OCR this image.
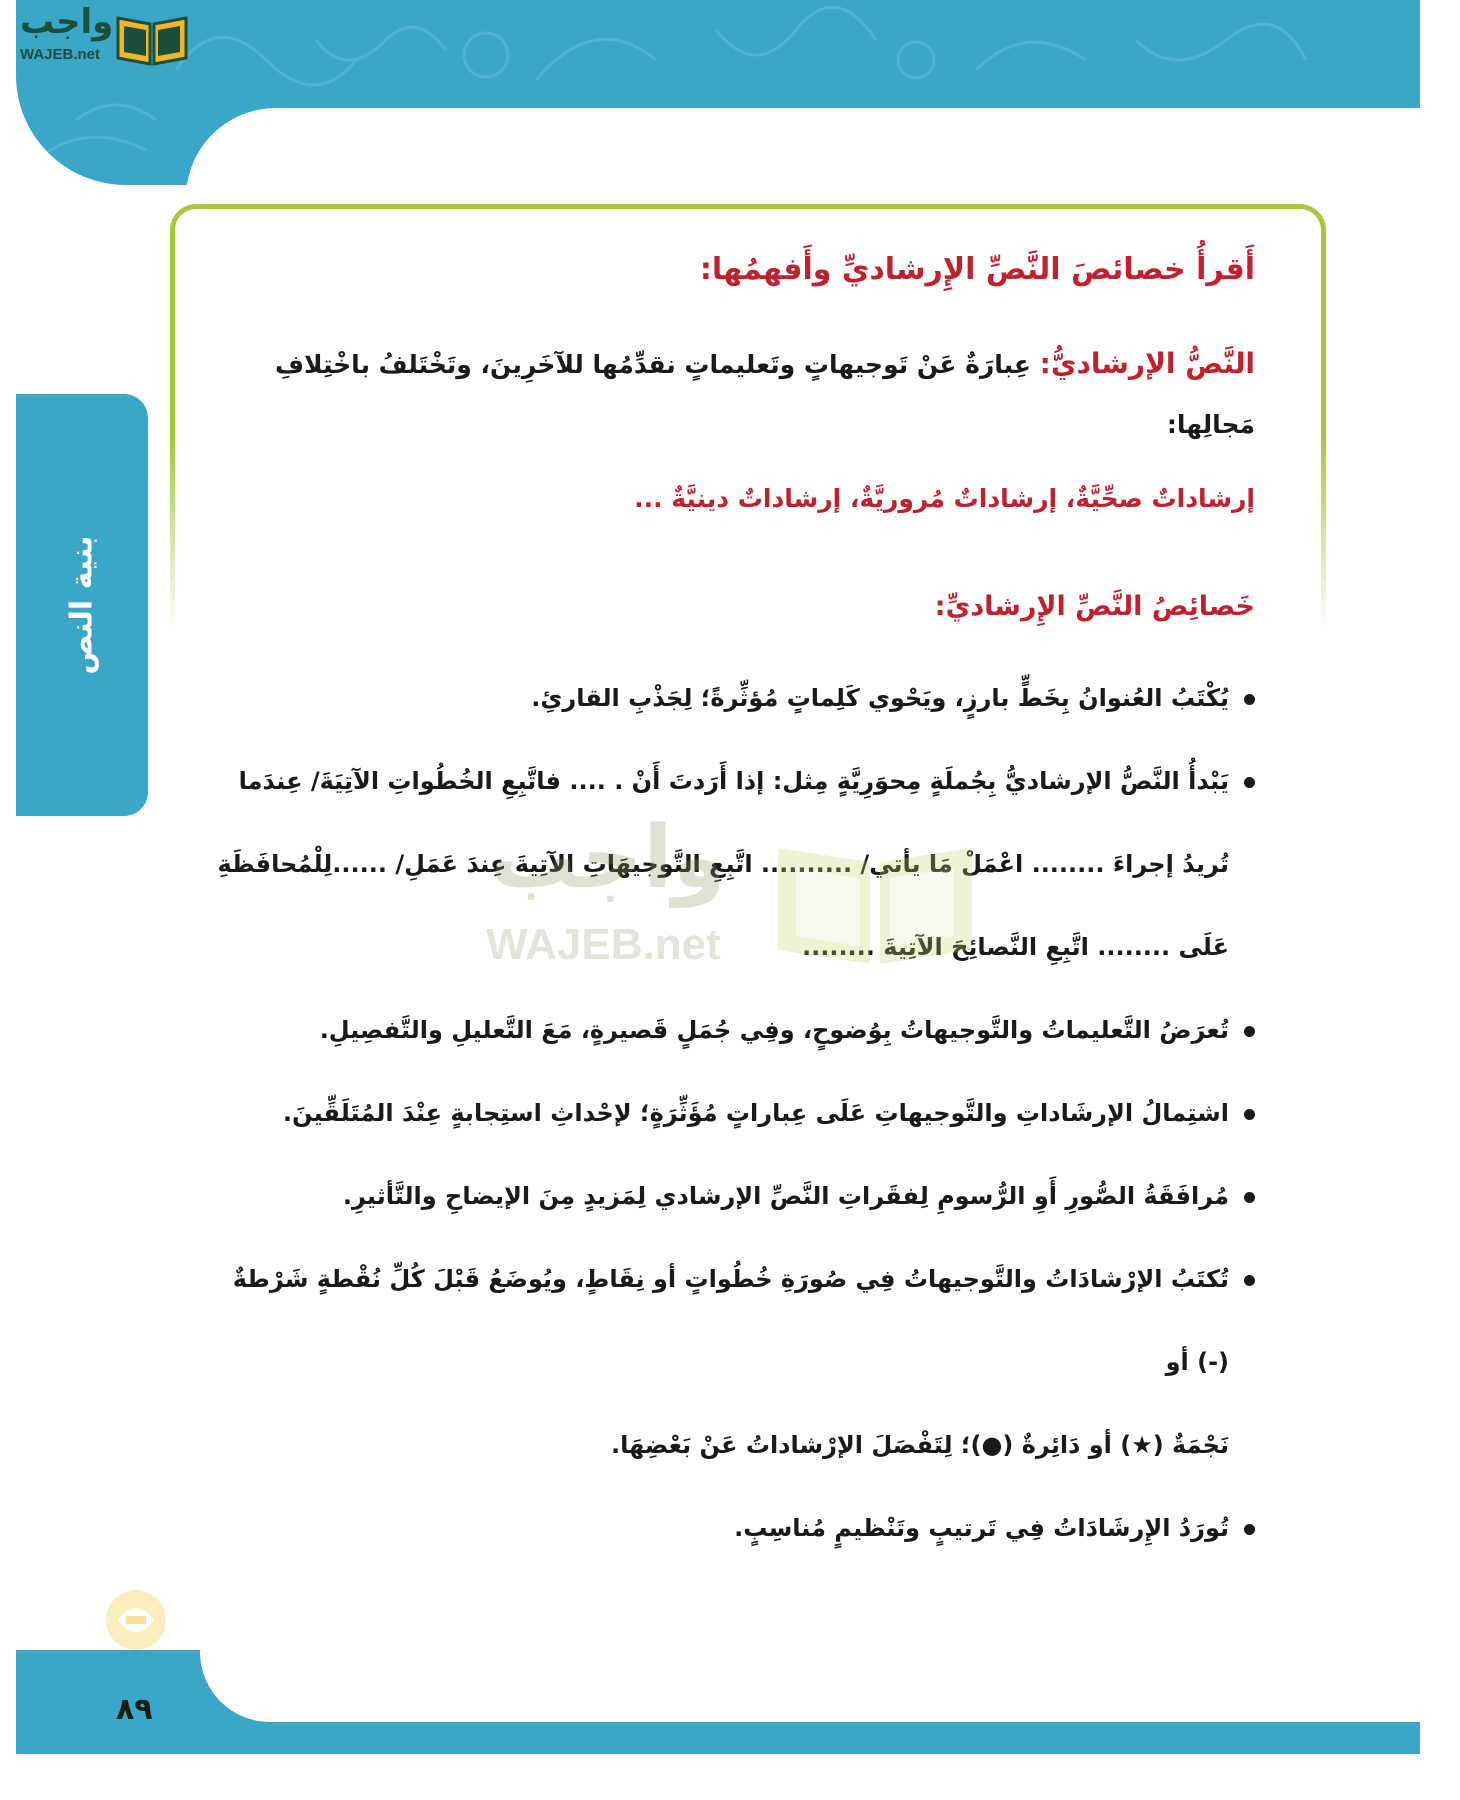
واجب
WAJEB.net
بنية النص
أَقرأُ خصائصَ النَّصِّ الإِرشاديِّ وأَفهمُها:
النَّصُّ الإرشاديُّ: عِبارَةٌ عَنْ تَوجيهاتٍ وتَعليماتٍ نقدِّمُها للآخَرِينَ، وتَخْتَلفُ باخْتِلافِ مَجالِها:
إرشاداتٌ صحِّيَّةٌ، إرشاداتٌ مُروريَّةٌ، إرشاداتٌ دينيَّةٌ ...
خَصائِصُ النَّصِّ الإِرشاديِّ:
يُكْتَبُ العُنوانُ بِخَطٍّ بارزٍ، ويَحْوي كَلِماتٍ مُؤثِّرةً؛ لِجَذْبِ القارئِ.
يَبْدأُ النَّصُّ الإرشاديُّ بِجُملَةٍ مِحوَرِيَّةٍ مِثل: إذا أَرَدتَ أَنْ . .... فاتَّبِعِ الخُطُواتِ الآتِيَةَ/ عِندَما
تُريدُ إجراءَ ........ اعْمَلْ مَا يأتي/ .......... اتَّبِعِ التَّوجيهَاتِ الآتِيةَ عِندَ عَمَلِ/ ......لِلْمُحافَظَةِ
عَلَى ........ اتَّبِعِ النَّصائِحَ الآتِيةَ ........
تُعرَضُ التَّعليماتُ والتَّوجيهاتُ بِوُضوحٍ، وفِي جُمَلٍ قَصيرةٍ، مَعَ التَّعليلِ والتَّفصِيلِ.
اشتِمالُ الإرشَاداتِ والتَّوجيهاتِ عَلَى عِباراتٍ مُؤَثِّرَةٍ؛ لإحْداثِ استِجابةٍ عِنْدَ المُتَلَقِّينَ.
مُرافَقَةُ الصُّورِ أَوِ الرُّسومِ لِفقَراتِ النَّصِّ الإرشادي لِمَزيدٍ مِنَ الإيضاحِ والتَّأثيرِ.
تُكتَبُ الإرْشادَاتُ والتَّوجيهاتُ فِي صُورَةِ خُطُواتٍ أو نِقَاطٍ، ويُوضَعُ قَبْلَ كُلِّ نُقْطةٍ شَرْطةٌ (-) أو
نَجْمَةٌ (★) أو دَائِرةٌ (●)؛ لِتَفْصَلَ الإرْشاداتُ عَنْ بَعْضِهَا.
تُورَدُ الإِرشَادَاتُ فِي تَرتيبٍ وتَنْظيمٍ مُناسِبٍ.
واجب
WAJEB.net
٨٩
